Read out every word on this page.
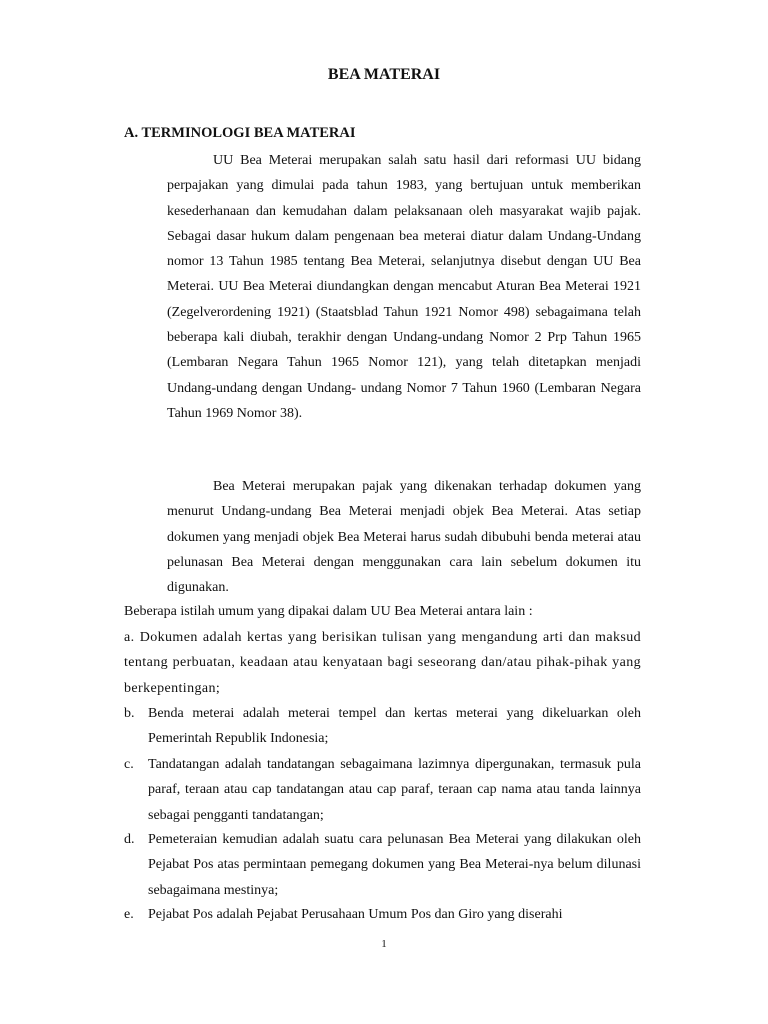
BEA MATERAI
A. TERMINOLOGI BEA MATERAI
UU Bea Meterai merupakan salah satu hasil dari reformasi UU bidang perpajakan yang dimulai pada tahun 1983, yang bertujuan untuk memberikan kesederhanaan dan kemudahan dalam pelaksanaan oleh masyarakat wajib pajak. Sebagai dasar hukum dalam pengenaan bea meterai diatur dalam Undang-Undang nomor 13 Tahun 1985 tentang Bea Meterai, selanjutnya disebut dengan UU Bea Meterai. UU Bea Meterai diundangkan dengan mencabut Aturan Bea Meterai 1921 (Zegelverordening 1921) (Staatsblad Tahun 1921 Nomor 498) sebagaimana telah beberapa kali diubah, terakhir dengan Undang-undang Nomor 2 Prp Tahun 1965 (Lembaran Negara Tahun 1965 Nomor 121), yang telah ditetapkan menjadi Undang-undang dengan Undang- undang Nomor 7 Tahun 1960 (Lembaran Negara Tahun 1969 Nomor 38).
Bea Meterai merupakan pajak yang dikenakan terhadap dokumen yang menurut Undang-undang Bea Meterai menjadi objek Bea Meterai. Atas setiap dokumen yang menjadi objek Bea Meterai harus sudah dibubuhi benda meterai atau pelunasan Bea Meterai dengan menggunakan cara lain sebelum dokumen itu digunakan.
Beberapa istilah umum yang dipakai dalam UU Bea Meterai antara lain :
a. Dokumen adalah kertas yang berisikan tulisan yang mengandung arti dan maksud tentang perbuatan, keadaan atau kenyataan bagi seseorang dan/atau pihak-pihak yang berkepentingan;
b. Benda meterai adalah meterai tempel dan kertas meterai yang dikeluarkan oleh Pemerintah Republik Indonesia;
c.	Tandatangan adalah tandatangan sebagaimana lazimnya dipergunakan, termasuk pula paraf, teraan atau cap tandatangan atau cap paraf, teraan cap nama atau tanda lainnya sebagai pengganti tandatangan;
d. Pemeteraian kemudian adalah suatu cara pelunasan Bea Meterai yang dilakukan oleh Pejabat Pos atas permintaan pemegang dokumen yang Bea Meterai-nya belum dilunasi sebagaimana mestinya;
e.	Pejabat Pos adalah Pejabat Perusahaan Umum Pos dan Giro yang diserahi
1
